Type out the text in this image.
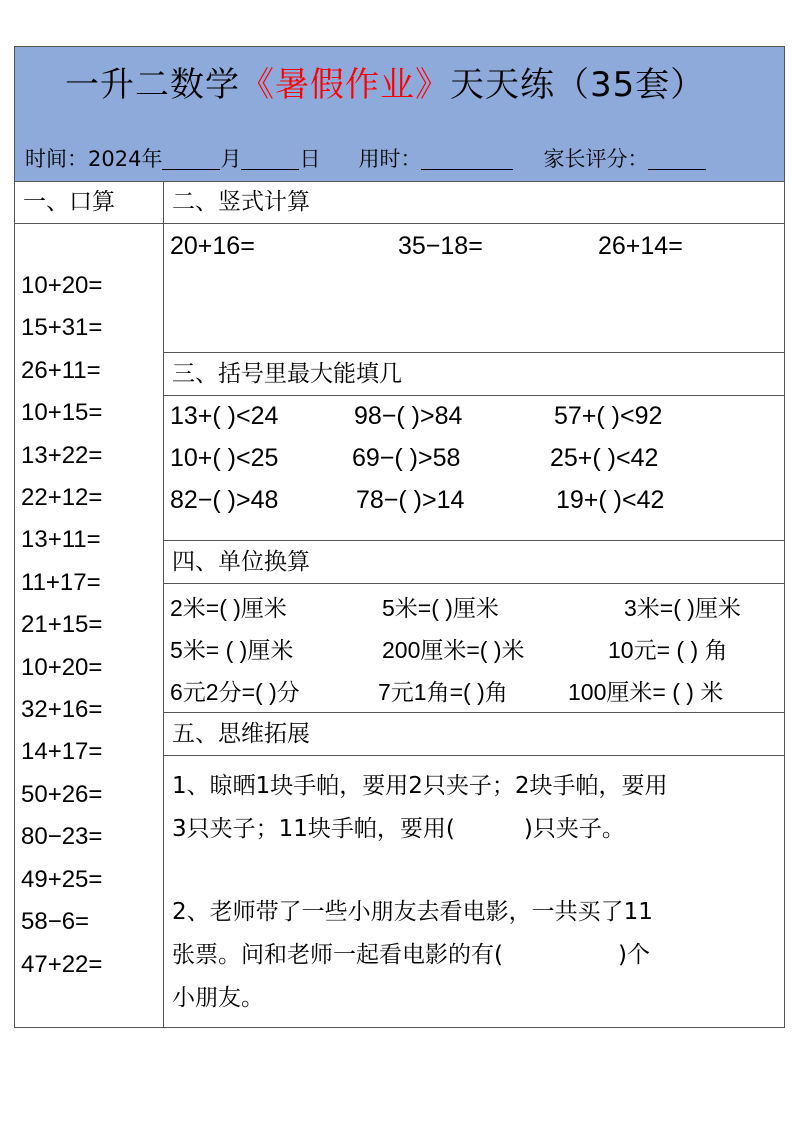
一升二数学《暑假作业》天天练（35套）
时间：2024年	月	日 用时：	家长评分：
一、口算
10+20=
15+31=
26+11=
10+15=
13+22=
22+12=
13+11=
11+17=
21+15=
10+20=
32+16=
14+17=
50+26=
80−23=
49+25=
58−6=
47+22=
二、竖式计算
20+16=	35−18=	26+14=
三、括号里最大能填几
13+( )<24	98−( )>84	57+( )<92
10+( )<25	69−( )>58	25+( )<42
82−( )>48	78−( )>14	19+( )<42
四、单位换算
2米=( )厘米	5米=( )厘米	3米=( )厘米
5米= ( )厘米	200厘米=( )米	10元= ( ) 角
6元2分=( )分	7元1角=( )角	100厘米= ( ) 米
五、思维拓展
1、晾晒1块手帕，要用2只夹子；2块手帕，要用
3只夹子；11块手帕，要用(　　　)只夹子。
2、老师带了一些小朋友去看电影，一共买了11
张票。问和老师一起看电影的有(　　　　　)个
小朋友。
